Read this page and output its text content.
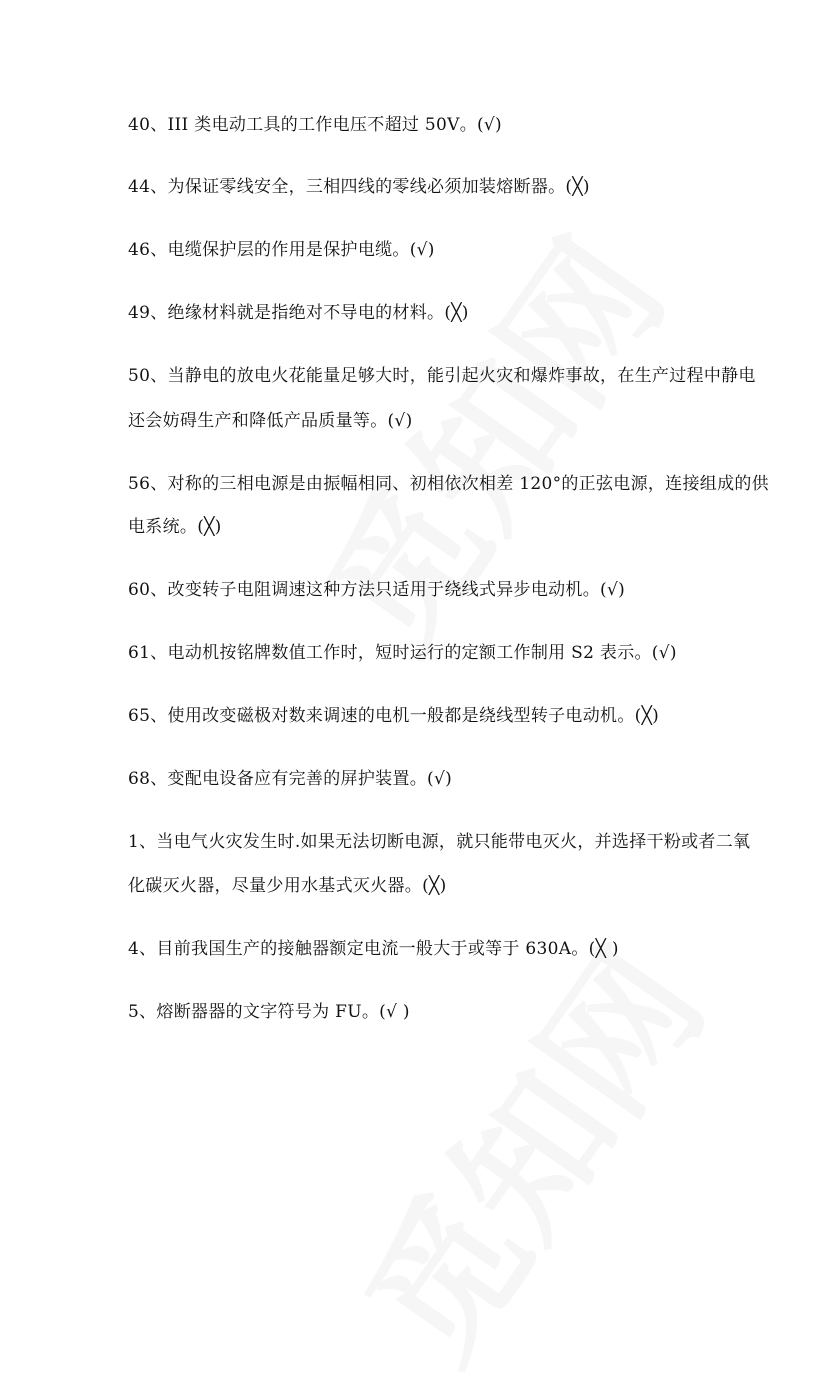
40、III 类电动工具的工作电压不超过 50V。(√)
44、为保证零线安全，三相四线的零线必须加装熔断器。(╳)
46、电缆保护层的作用是保护电缆。(√)
49、绝缘材料就是指绝对不导电的材料。(╳)
50、当静电的放电火花能量足够大时，能引起火灾和爆炸事故，在生产过程中静电
还会妨碍生产和降低产品质量等。(√)
56、对称的三相电源是由振幅相同、初相依次相差 120°的正弦电源，连接组成的供
电系统。(╳)
60、改变转子电阻调速这种方法只适用于绕线式异步电动机。(√)
61、电动机按铭牌数值工作时，短时运行的定额工作制用 S2 表示。(√)
65、使用改变磁极对数来调速的电机一般都是绕线型转子电动机。(╳)
68、变配电设备应有完善的屏护装置。(√)
1、当电气火灾发生时.如果无法切断电源，就只能带电灭火，并选择干粉或者二氧
化碳灭火器，尽量少用水基式灭火器。(╳)
4、目前我国生产的接触器额定电流一般大于或等于 630A。(╳ )
5、熔断器器的文字符号为 FU。(√ )
